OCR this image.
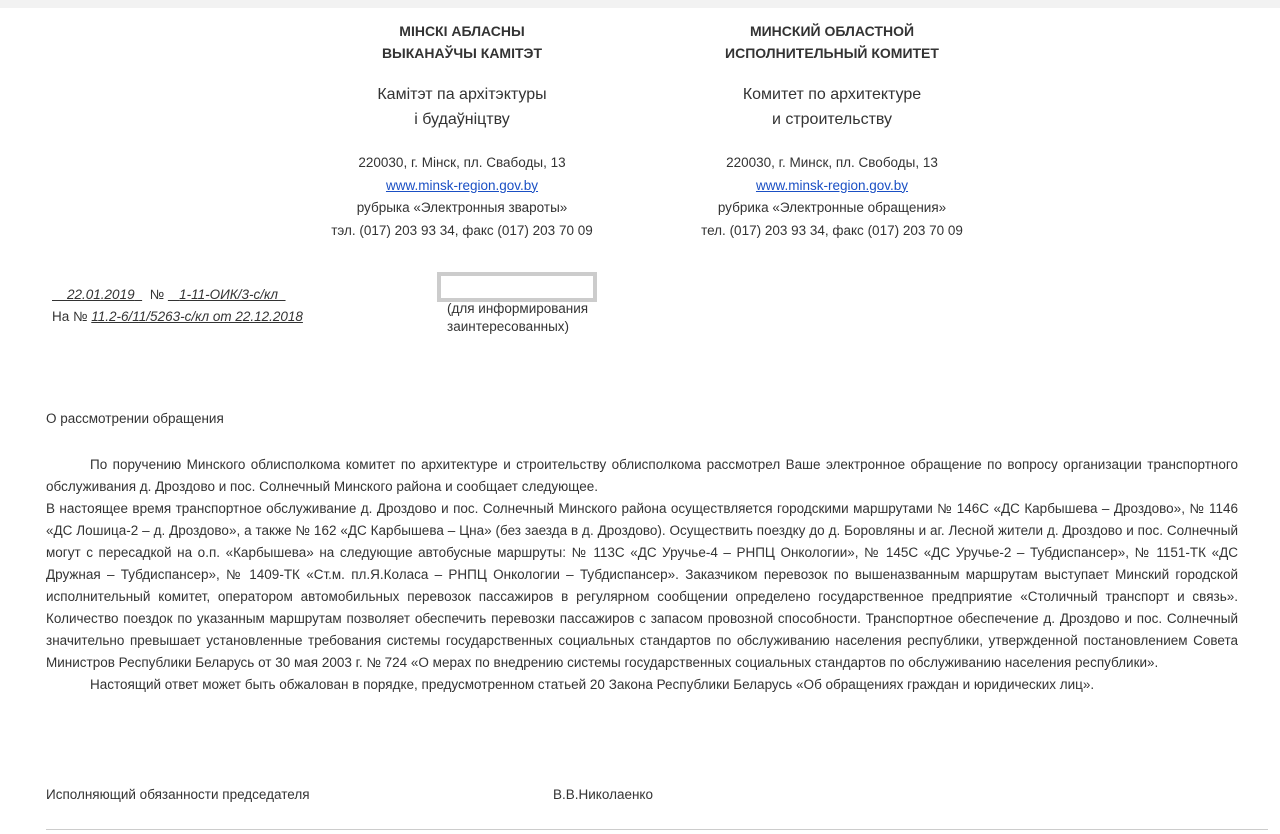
МІНСКІ АБЛАСНЫ
ВЫКАНАЎЧЫ КАМІТЭТ
Камітэт па архітэктуры
і будаўніцтву
220030, г. Мінск, пл. Свабоды, 13
www.minsk-region.gov.by
рубрыка «Электронныя звароты»
тэл. (017) 203 93 34, факс (017) 203 70 09
МИНСКИЙ ОБЛАСТНОЙ
ИСПОЛНИТЕЛЬНЫЙ КОМИТЕТ
Комитет по архитектуре
и строительству
220030, г. Минск, пл. Свободы, 13
www.minsk-region.gov.by
рубрика «Электронные обращения»
тел. (017) 203 93 34, факс (017) 203 70 09
22.01.2019 № 1-11-ОИК/3-с/кл
На № 11.2-6/11/5263-с/кл от 22.12.2018
(для информирования заинтересованных)
О рассмотрении обращения

По поручению Минского облисполкома комитет по архитектуре и строительству облисполкома рассмотрел Ваше электронное обращение по вопросу организации транспортного обслуживания д. Дроздово и пос. Солнечный Минского района и сообщает следующее.

В настоящее время транспортное обслуживание д. Дроздово и пос. Солнечный Минского района осуществляется городскими маршрутами № 146С «ДС Карбышева – Дроздово», № 1146 «ДС Лошица-2 – д. Дроздово», а также № 162 «ДС Карбышева – Цна» (без заезда в д. Дроздово). Осуществить поездку до д. Боровляны и аг. Лесной жители д. Дроздово и пос. Солнечный могут с пересадкой на о.п. «Карбышева» на следующие автобусные маршруты: № 113С «ДС Уручье-4 – РНПЦ Онкологии», № 145С «ДС Уручье-2 – Тубдиспансер», № 1151-ТК «ДС Дружная – Тубдиспансер», № 1409-ТК «Ст.м. пл.Я.Коласа – РНПЦ Онкологии – Тубдиспансер». Заказчиком перевозок по вышеназванным маршрутам выступает Минский городской исполнительный комитет, оператором автомобильных перевозок пассажиров в регулярном сообщении определено государственное предприятие «Столичный транспорт и связь». Количество поездок по указанным маршрутам позволяет обеспечить перевозки пассажиров с запасом провозной способности. Транспортное обеспечение д. Дроздово и пос. Солнечный значительно превышает установленные требования системы государственных социальных стандартов по обслуживанию населения республики, утвержденной постановлением Совета Министров Республики Беларусь от 30 мая 2003 г. № 724 «О мерах по внедрению системы государственных социальных стандартов по обслуживанию населения республики».

Настоящий ответ может быть обжалован в порядке, предусмотренном статьей 20 Закона Республики Беларусь «Об обращениях граждан и юридических лиц».

Исполняющий обязанности председателя	В.В.Николаенко
